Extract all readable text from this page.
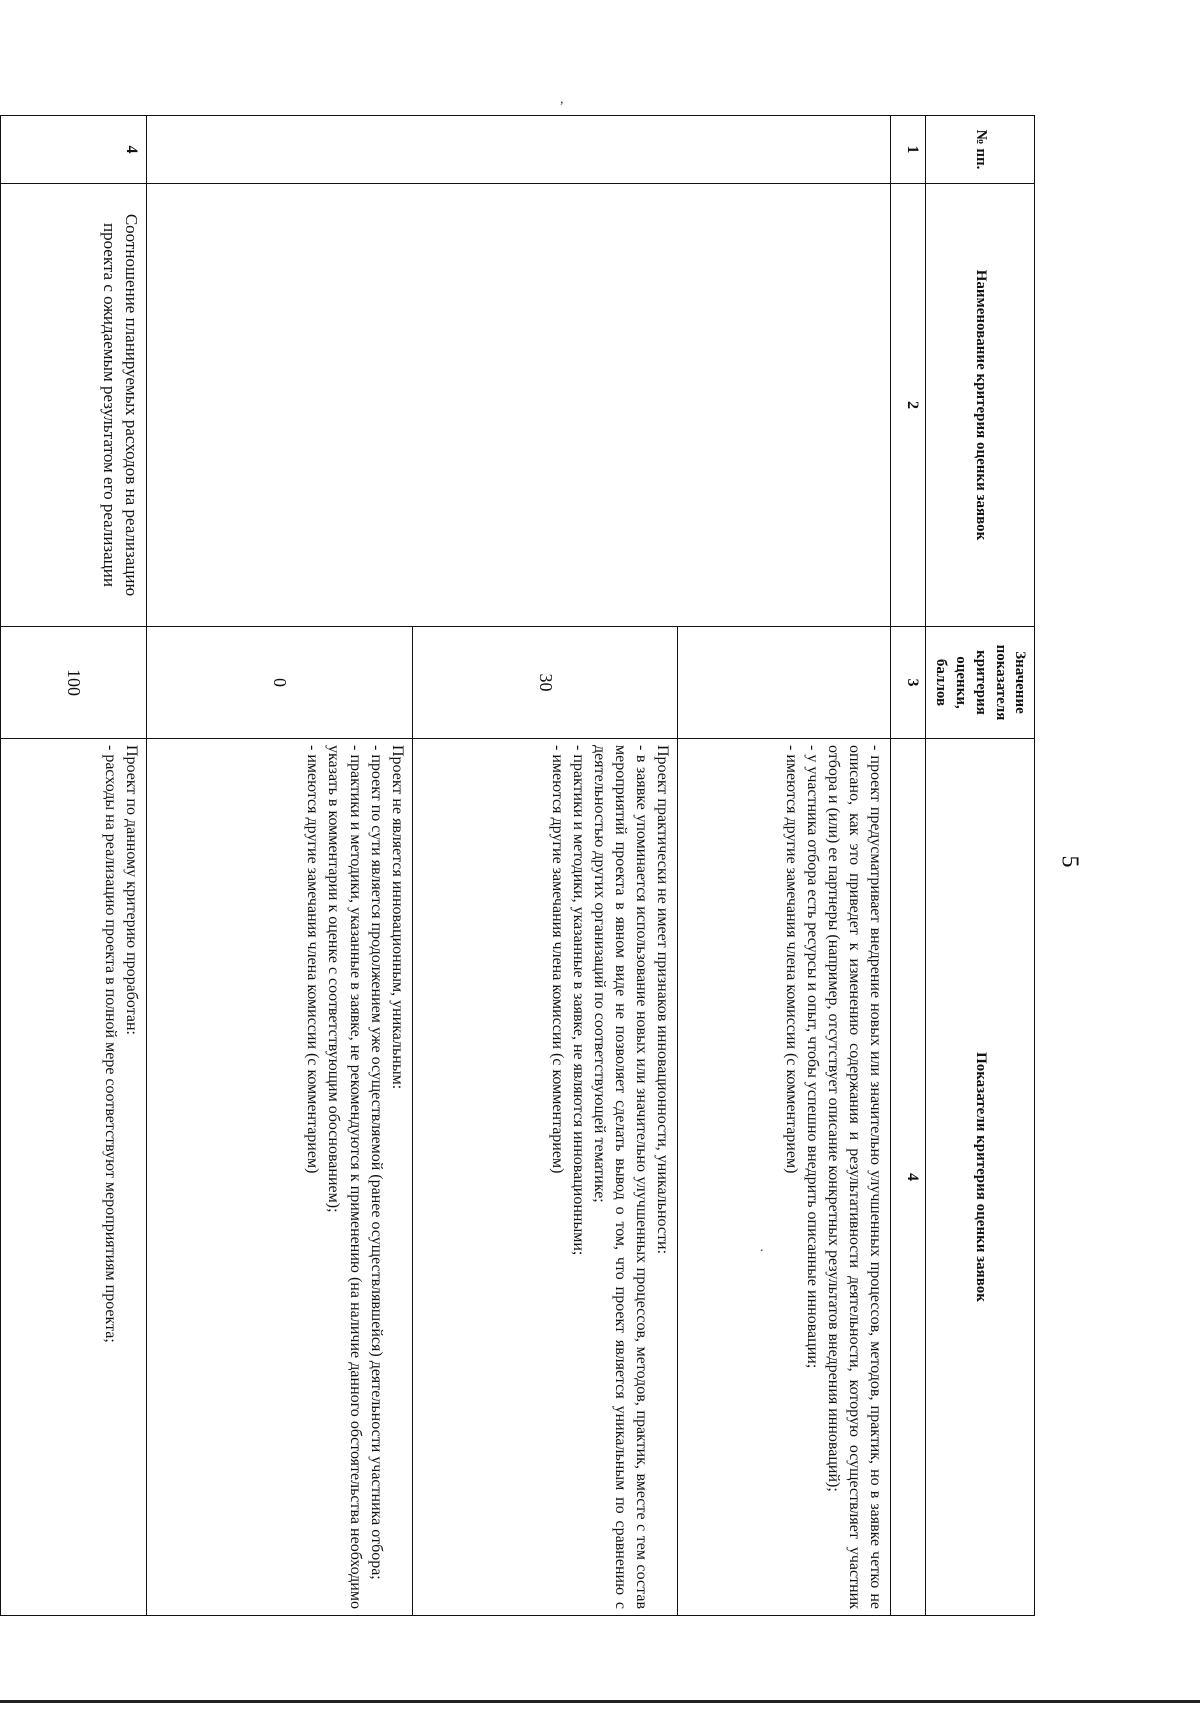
5
,
.
№ пп.	Наименование критерия оценки заявок	Значение показателя критерия оценки, баллов	Показатели критерия оценки заявок
1	2	3	4

			- проект предусматривает внедрение новых или значительно улучшенных процессов, методов, практик, но в заявке четко не описано, как это приведет к изменению содержания и результативности деятельности, которую осуществляет участник отбора и (или) ее партнеры (например, отсутствует описание конкретных результатов внедрения инноваций);
- у участника отбора есть ресурсы и опыт, чтобы успешно внедрить описанные инновации;
- имеются другие замечания члена комиссии (с комментарием)

		30	Проект практически не имеет признаков инновационности, уникальности:
- в заявке упоминается использование новых или значительно улучшенных процессов, методов, практик, вместе с тем состав мероприятий проекта в явном виде не позволяет сделать вывод о том, что проект является уникальным по сравнению с деятельностью других организаций по соответствующей тематике;
- практики и методики, указанные в заявке, не являются инновационными;
- имеются другие замечания члена комиссии (с комментарием)

		0	Проект не является инновационным, уникальным:
- проект по сути является продолжением уже осуществляемой (ранее осуществлявшейся) деятельности участника отбора;
- практики и методики, указанные в заявке, не рекомендуются к применению (на наличие данного обстоятельства необходимо указать в комментарии к оценке с соответствующим обоснованием);
- имеются другие замечания члена комиссии (с комментарием)

4	Соотношение планируемых расходов на реализацию проекта с ожидаемым результатом его реализации	100	Проект по данному критерию проработан:
- расходы на реализацию проекта в полной мере соответствуют мероприятиям проекта;
